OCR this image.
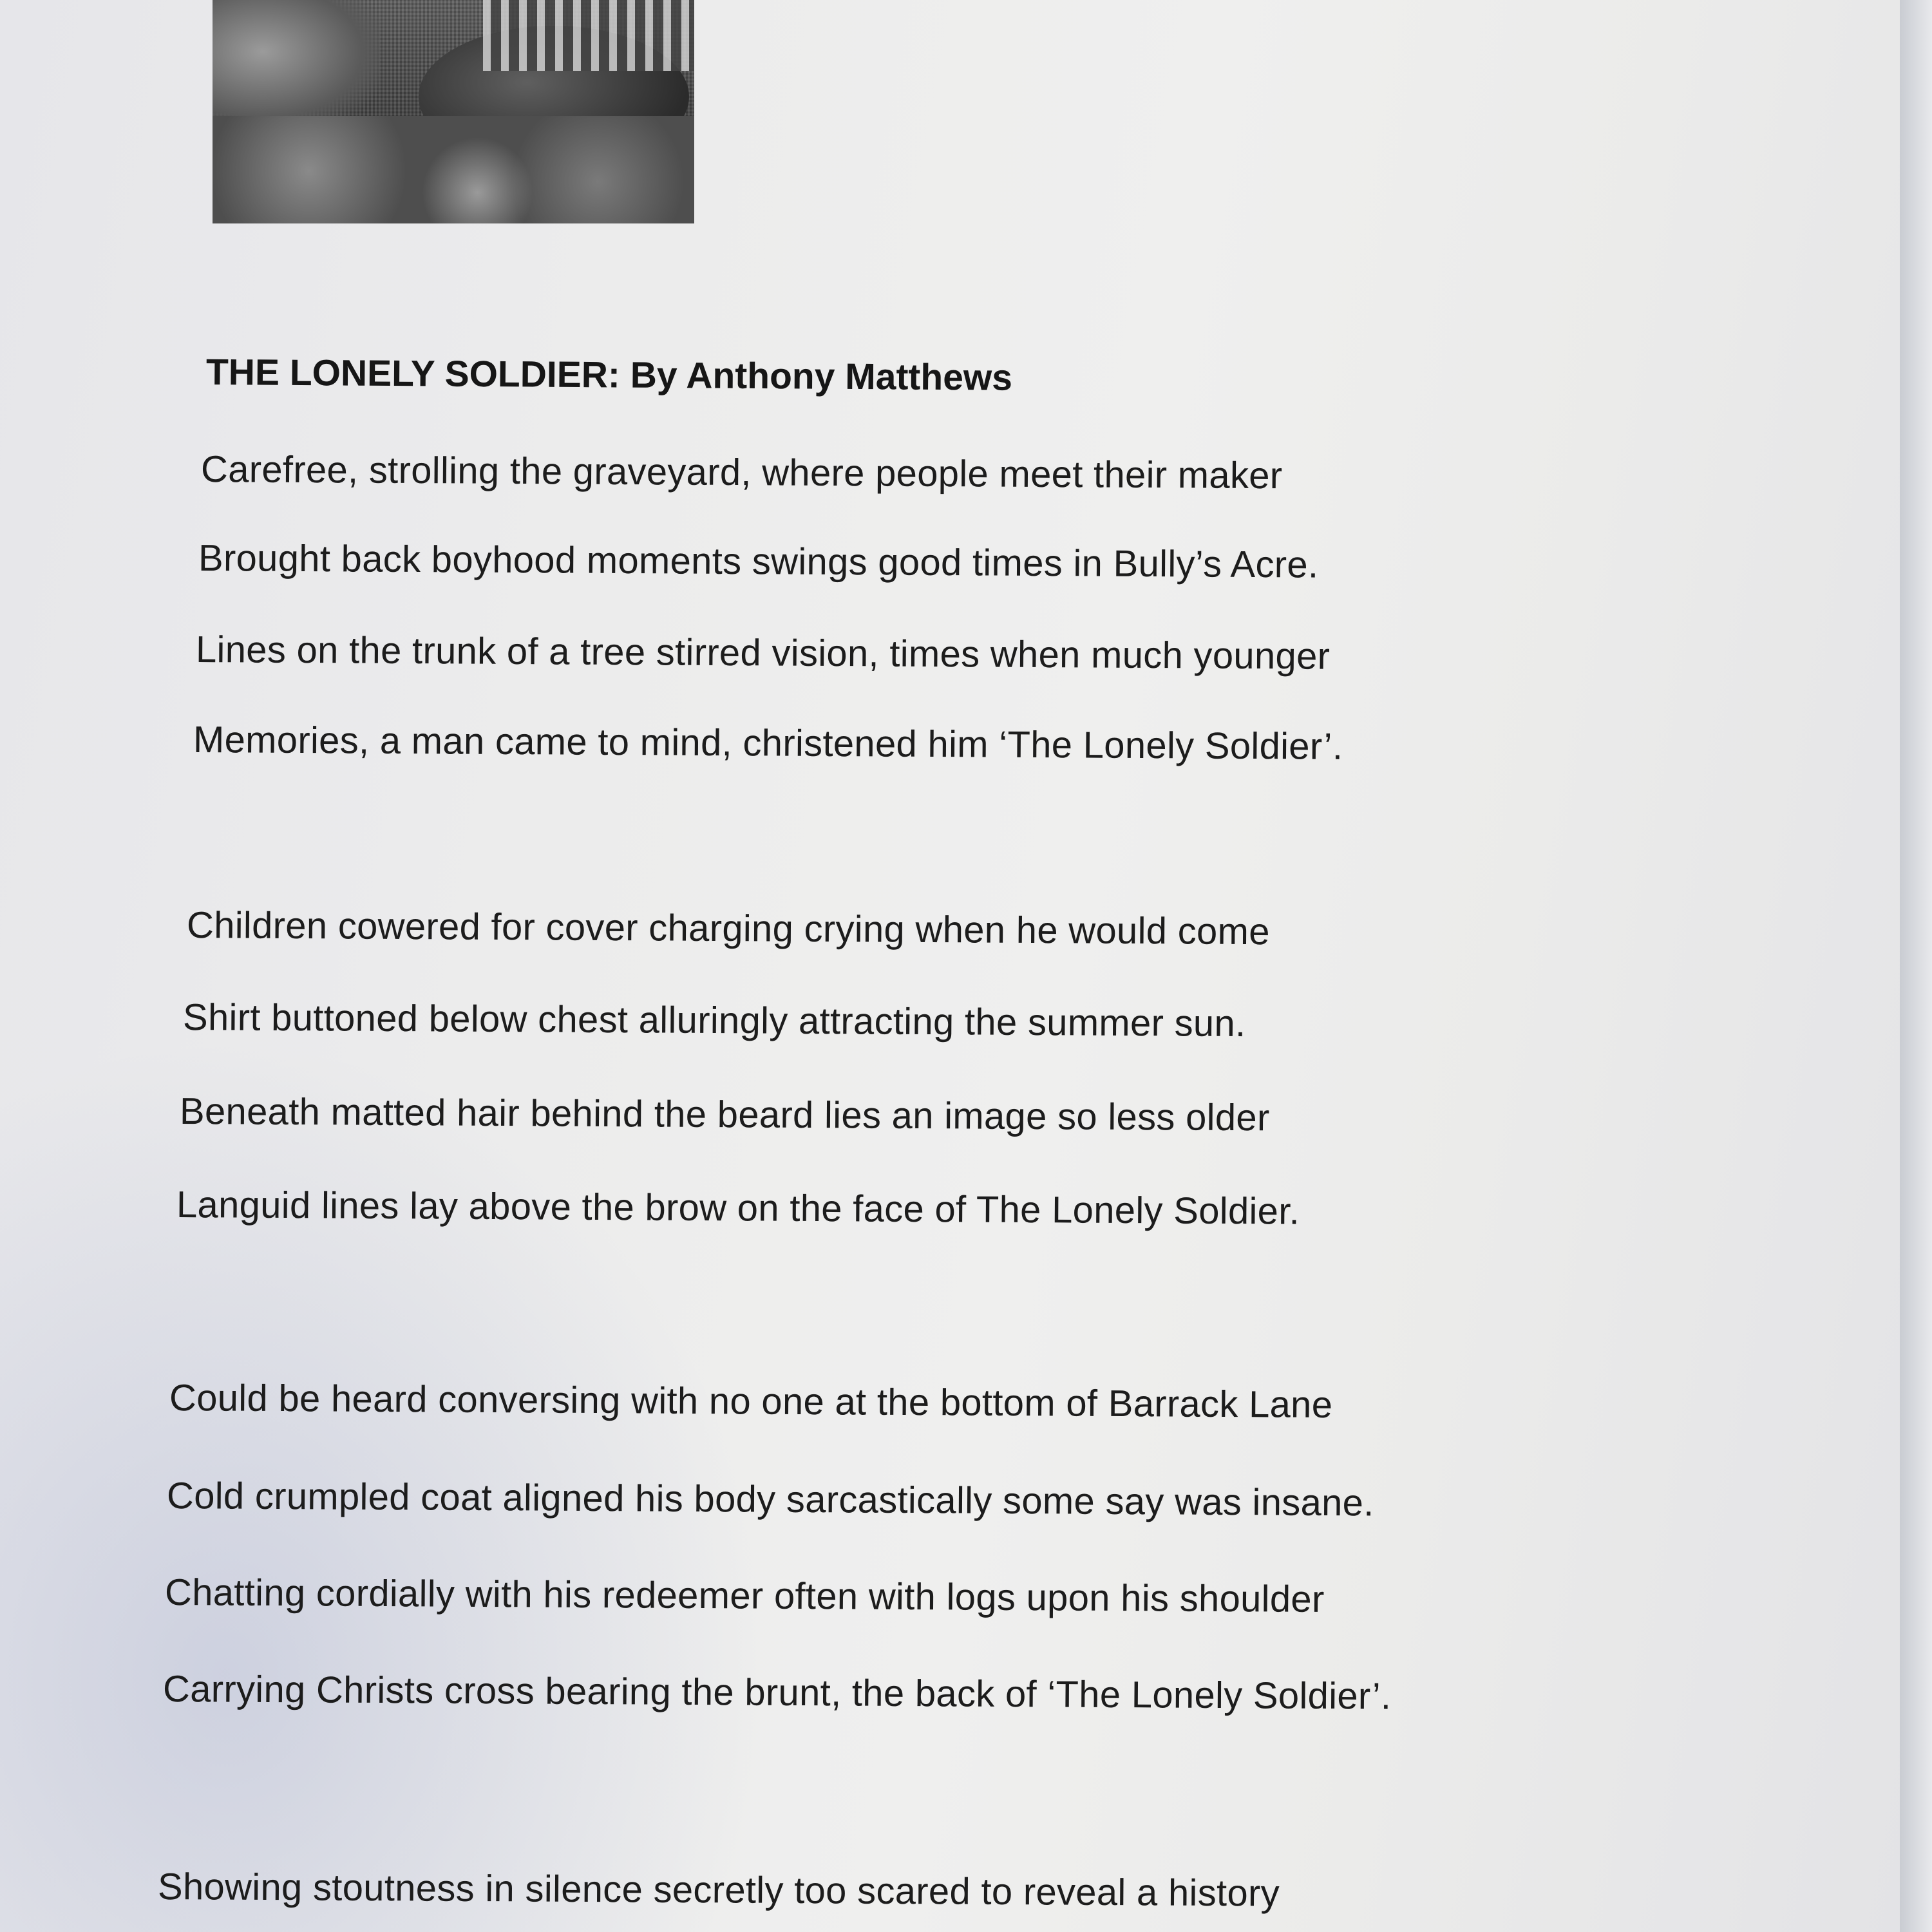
THE LONELY SOLDIER: By Anthony Matthews
Carefree, strolling the graveyard, where people meet their maker
Brought back boyhood moments swings good times in Bully’s Acre.
Lines on the trunk of a tree stirred vision, times when much younger
Memories, a man came to mind, christened him ‘The Lonely Soldier’.
Children cowered for cover charging crying when he would come
Shirt buttoned below chest alluringly attracting the summer sun.
Beneath matted hair behind the beard lies an image so less older
Languid lines lay above the brow on the face of The Lonely Soldier.
Could be heard conversing with no one at the bottom of Barrack Lane
Cold crumpled coat aligned his body sarcastically some say was insane.
Chatting cordially with his redeemer often with logs upon his shoulder
Carrying Christs cross bearing the brunt, the back of ‘The Lonely Soldier’.
Showing stoutness in silence secretly too scared to reveal a history
